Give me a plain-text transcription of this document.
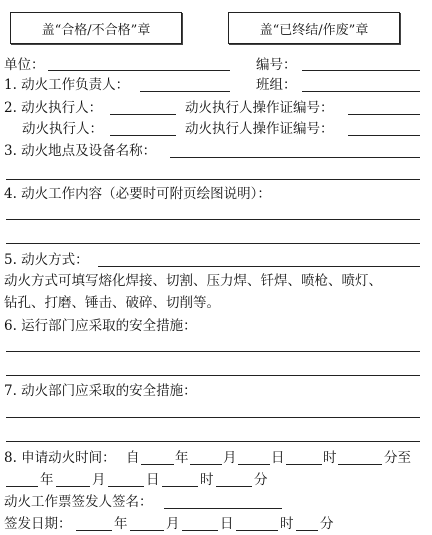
盖“合格/不合格”章	盖“已终结/作废”章
单位：	编号：
1. 动火工作负责人：	班组：
2. 动火执行人：	动火执行人操作证编号：
动火执行人：	动火执行人操作证编号：
3. 动火地点及设备名称：
4. 动火工作内容（必要时可附页绘图说明）：
5. 动火方式：
动火方式可填写熔化焊接、切割、压力焊、钎焊、喷枪、喷灯、
钻孔、打磨、锤击、破碎、切削等。
6. 运行部门应采取的安全措施：
7. 动火部门应采取的安全措施：
8. 申请动火时间： 自	年	月	日	时	分至
年	月	日	时	分
动火工作票签发人签名：
签发日期：	年	月	日	时 分
